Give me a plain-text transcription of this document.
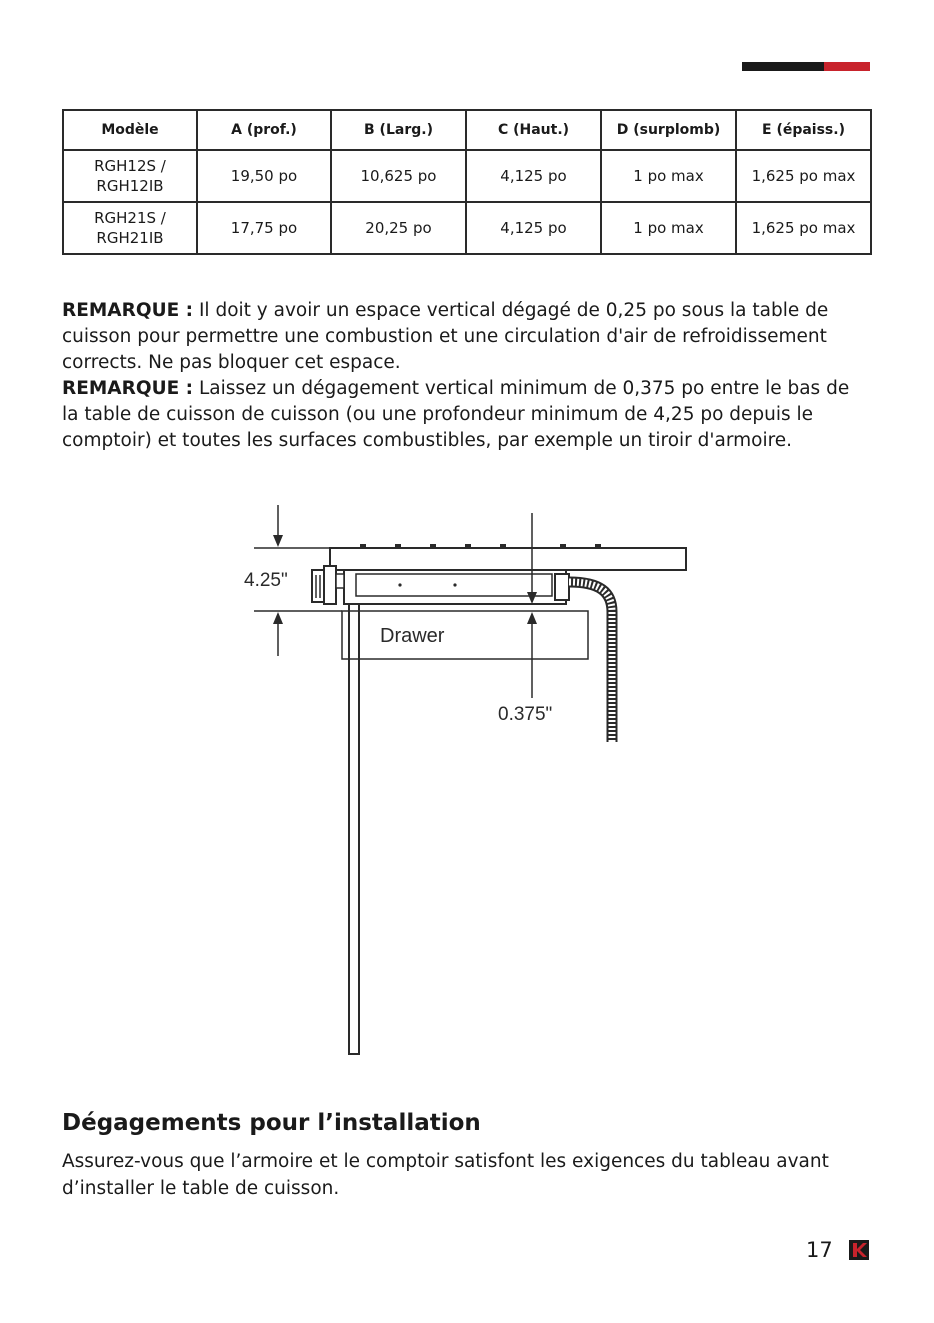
Modèle	A (prof.)	B (Larg.)	C (Haut.)	D (surplomb)	E (épaiss.)
RGH12S /
RGH12IB	19,50 po	10,625 po	4,125 po	1 po max	1,625 po max
RGH21S /
RGH21IB	17,75 po	20,25 po	4,125 po	1 po max	1,625 po max

REMARQUE : Il doit y avoir un espace vertical dégagé de 0,25 po sous la table de cuisson pour permettre une combustion et une circulation d'air de refroidissement corrects. Ne pas bloquer cet espace.

REMARQUE : Laissez un dégagement vertical minimum de 0,375 po entre le bas de la table de cuisson de cuisson (ou une profondeur minimum de 4,25 po depuis le comptoir) et toutes les surfaces combustibles, par exemple un tiroir d'armoire.

Drawer
4.25"
0.375"
Dégagements pour l’installation

Assurez-vous que l’armoire et le comptoir satisfont les exigences du tableau avant d’installer le table de cuisson.

17
